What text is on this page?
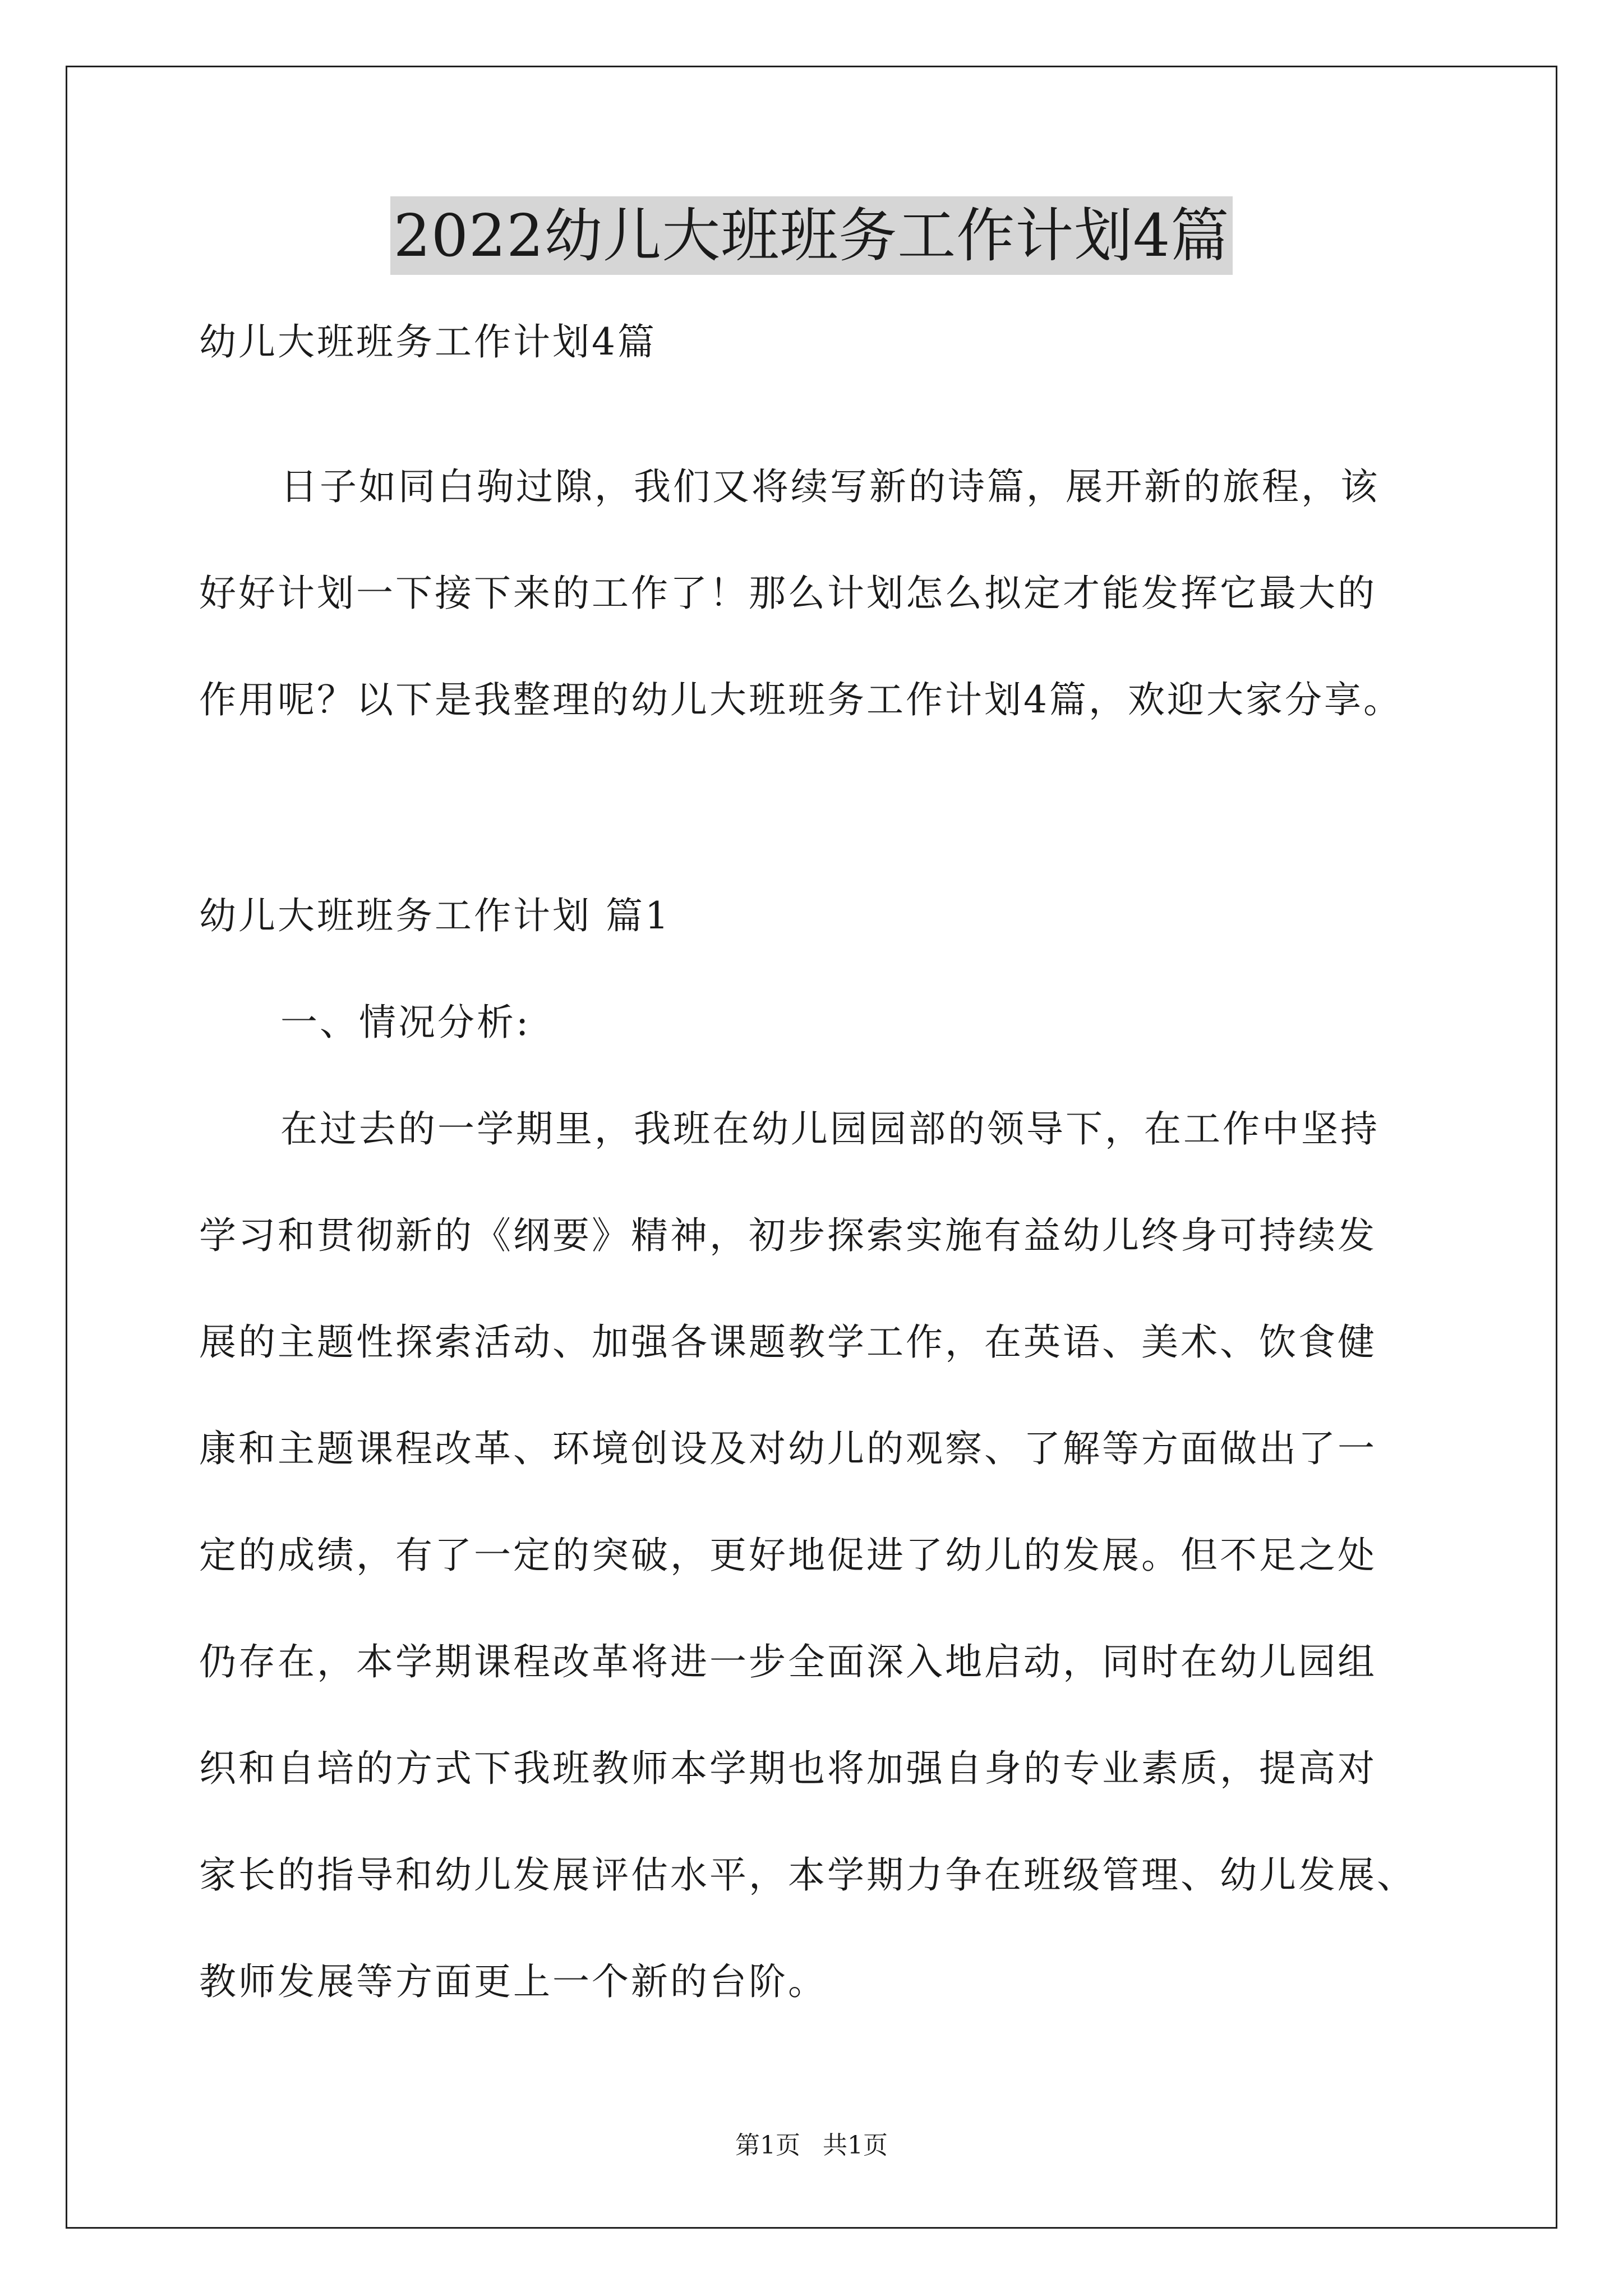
2022幼儿大班班务工作计划4篇
幼儿大班班务工作计划4篇
日子如同白驹过隙，我们又将续写新的诗篇，展开新的旅程，该
好好计划一下接下来的工作了！那么计划怎么拟定才能发挥它最大的
作用呢？以下是我整理的幼儿大班班务工作计划4篇，欢迎大家分享。
幼儿大班班务工作计划 篇1
一、情况分析:
在过去的一学期里，我班在幼儿园园部的领导下，在工作中坚持
学习和贯彻新的《纲要》精神，初步探索实施有益幼儿终身可持续发
展的主题性探索活动、加强各课题教学工作，在英语、美术、饮食健
康和主题课程改革、环境创设及对幼儿的观察、了解等方面做出了一
定的成绩，有了一定的突破，更好地促进了幼儿的发展。但不足之处
仍存在，本学期课程改革将进一步全面深入地启动，同时在幼儿园组
织和自培的方式下我班教师本学期也将加强自身的专业素质，提高对
家长的指导和幼儿发展评估水平，本学期力争在班级管理、幼儿发展、
教师发展等方面更上一个新的台阶。
第1页 共1页
